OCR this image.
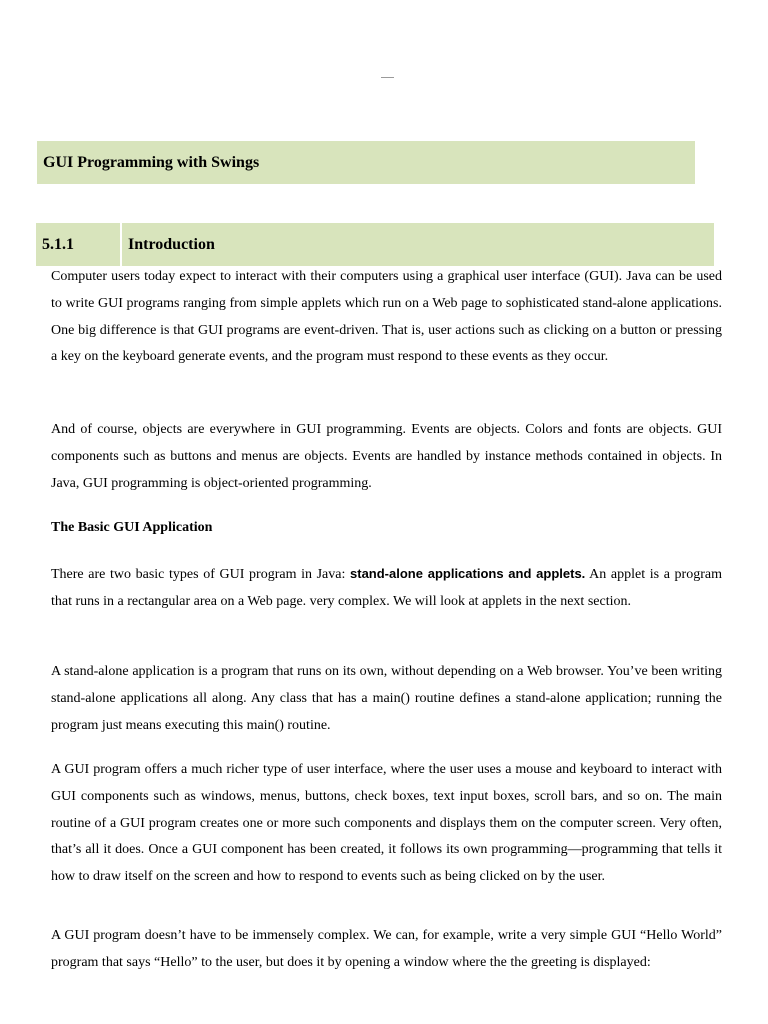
GUI Programming with Swings
5.1.1	Introduction

Computer users today expect to interact with their computers using a graphical user interface (GUI). Java can be used to write GUI programs ranging from simple applets which run on a Web page to sophisticated stand-alone applications. One big difference is that GUI programs are event-driven. That is, user actions such as clicking on a button or pressing a key on the keyboard generate events, and the program must respond to these events as they occur.

And of course, objects are everywhere in GUI programming. Events are objects. Colors and fonts are objects. GUI components such as buttons and menus are objects. Events are handled by instance methods contained in objects. In Java, GUI programming is object-oriented programming.

The Basic GUI Application

There are two basic types of GUI program in Java: stand-alone applications and applets. An applet is a program that runs in a rectangular area on a Web page. very complex. We will look at applets in the next section.

A stand-alone application is a program that runs on its own, without depending on a Web browser. You’ve been writing stand-alone applications all along. Any class that has a main() routine defines a stand-alone application; running the program just means executing this main() routine.

A GUI program offers a much richer type of user interface, where the user uses a mouse and keyboard to interact with GUI components such as windows, menus, buttons, check boxes, text input boxes, scroll bars, and so on. The main routine of a GUI program creates one or more such components and displays them on the computer screen. Very often, that’s all it does. Once a GUI component has been created, it follows its own programming—programming that tells it how to draw itself on the screen and how to respond to events such as being clicked on by the user.

A GUI program doesn’t have to be immensely complex. We can, for example, write a very simple GUI “Hello World” program that says “Hello” to the user, but does it by opening a window where the the greeting is displayed:
